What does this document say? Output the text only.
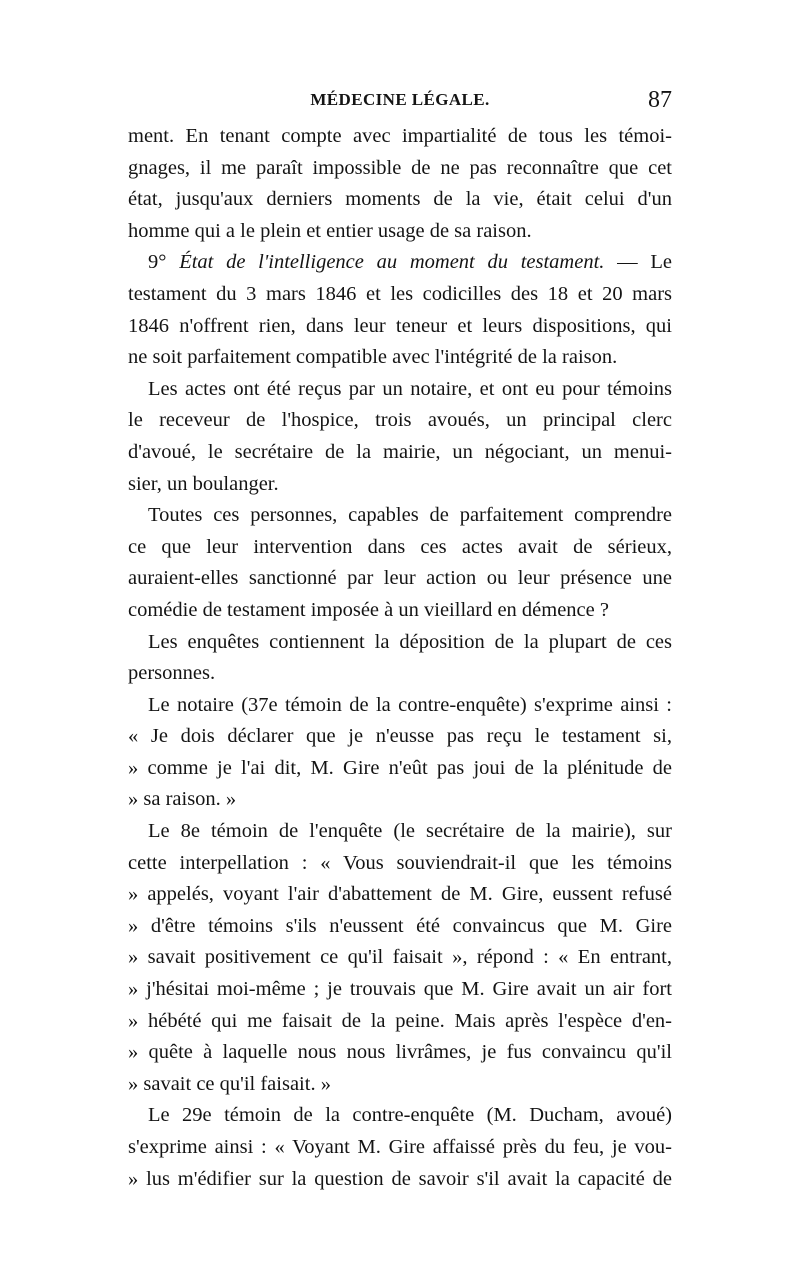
MÉDECINE LÉGALE.	87
ment. En tenant compte avec impartialité de tous les témoi-
gnages, il me paraît impossible de ne pas reconnaître que cet
état, jusqu'aux derniers moments de la vie, était celui d'un
homme qui a le plein et entier usage de sa raison.
9° État de l'intelligence au moment du testament. — Le
testament du 3 mars 1846 et les codicilles des 18 et 20 mars
1846 n'offrent rien, dans leur teneur et leurs dispositions, qui
ne soit parfaitement compatible avec l'intégrité de la raison.
Les actes ont été reçus par un notaire, et ont eu pour témoins
le receveur de l'hospice, trois avoués, un principal clerc
d'avoué, le secrétaire de la mairie, un négociant, un menui-
sier, un boulanger.
Toutes ces personnes, capables de parfaitement comprendre
ce que leur intervention dans ces actes avait de sérieux,
auraient-elles sanctionné par leur action ou leur présence une
comédie de testament imposée à un vieillard en démence ?
Les enquêtes contiennent la déposition de la plupart de ces
personnes.
Le notaire (37e témoin de la contre-enquête) s'exprime ainsi :
« Je dois déclarer que je n'eusse pas reçu le testament si,
» comme je l'ai dit, M. Gire n'eût pas joui de la plénitude de
» sa raison. »
Le 8e témoin de l'enquête (le secrétaire de la mairie), sur
cette interpellation : « Vous souviendrait-il que les témoins
» appelés, voyant l'air d'abattement de M. Gire, eussent refusé
» d'être témoins s'ils n'eussent été convaincus que M. Gire
» savait positivement ce qu'il faisait », répond : « En entrant,
» j'hésitai moi-même ; je trouvais que M. Gire avait un air fort
» hébété qui me faisait de la peine. Mais après l'espèce d'en-
» quête à laquelle nous nous livrâmes, je fus convaincu qu'il
» savait ce qu'il faisait. »
Le 29e témoin de la contre-enquête (M. Ducham, avoué)
s'exprime ainsi : « Voyant M. Gire affaissé près du feu, je vou-
» lus m'édifier sur la question de savoir s'il avait la capacité de
